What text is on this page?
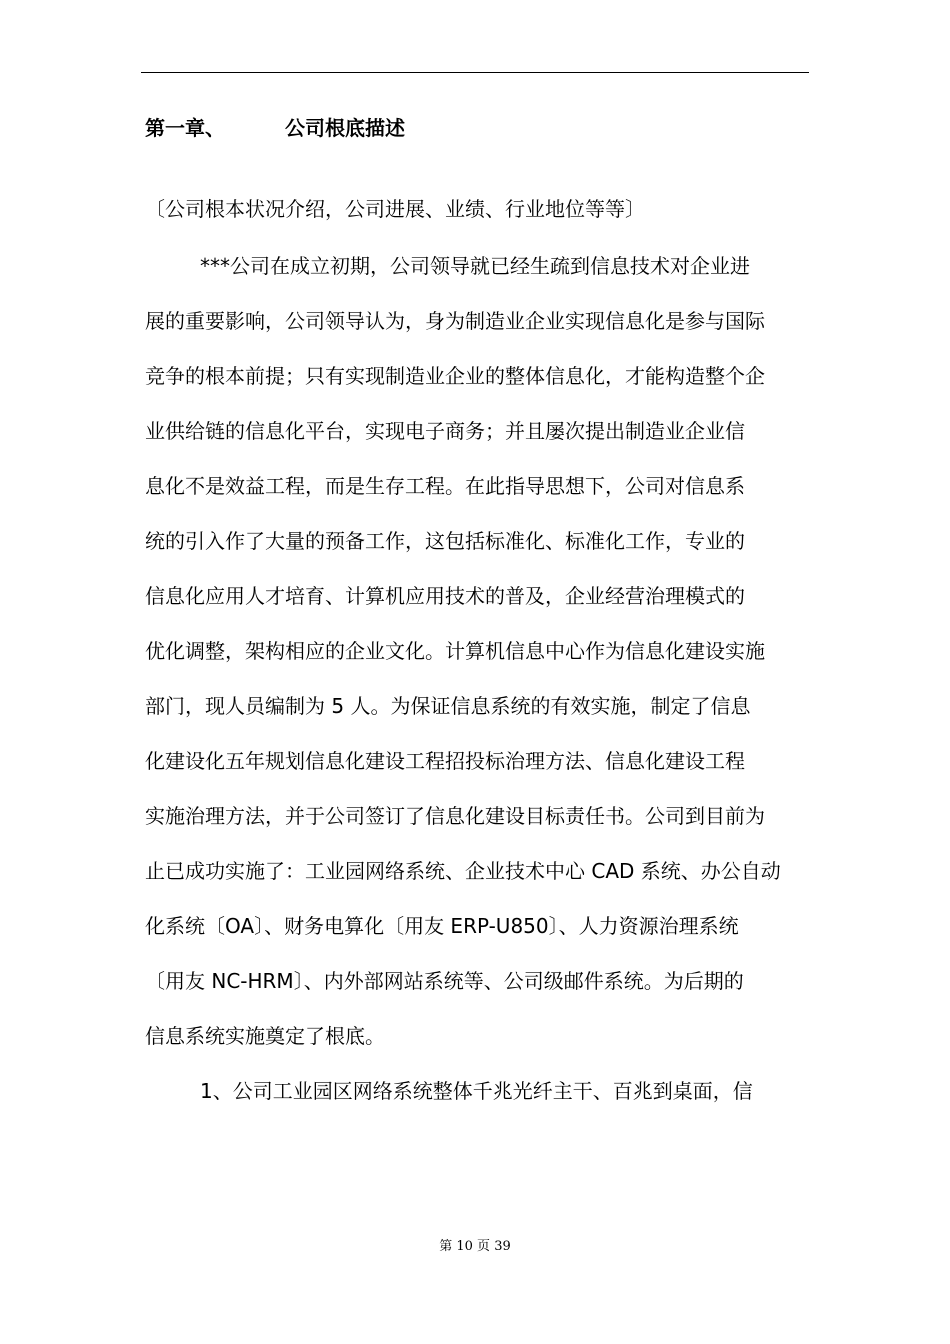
第一章、	公司根底描述
〔公司根本状况介绍，公司进展、业绩、行业地位等等〕
***公司在成立初期，公司领导就已经生疏到信息技术对企业进
展的重要影响，公司领导认为，身为制造业企业实现信息化是参与国际
竞争的根本前提；只有实现制造业企业的整体信息化，才能构造整个企
业供给链的信息化平台，实现电子商务；并且屡次提出制造业企业信
息化不是效益工程，而是生存工程。在此指导思想下，公司对信息系
统的引入作了大量的预备工作，这包括标准化、标准化工作，专业的
信息化应用人才培育、计算机应用技术的普及，企业经营治理模式的
优化调整，架构相应的企业文化。计算机信息中心作为信息化建设实施
部门，现人员编制为 5 人。为保证信息系统的有效实施，制定了信息
化建设化五年规划信息化建设工程招投标治理方法、信息化建设工程
实施治理方法，并于公司签订了信息化建设目标责任书。公司到目前为
止已成功实施了：工业园网络系统、企业技术中心 CAD 系统、办公自动
化系统〔OA〕、财务电算化〔用友 ERP-U850〕、人力资源治理系统
〔用友 NC-HRM〕、内外部网站系统等、公司级邮件系统。为后期的
信息系统实施奠定了根底。
1、公司工业园区网络系统整体千兆光纤主干、百兆到桌面，信
第 10 页 39
